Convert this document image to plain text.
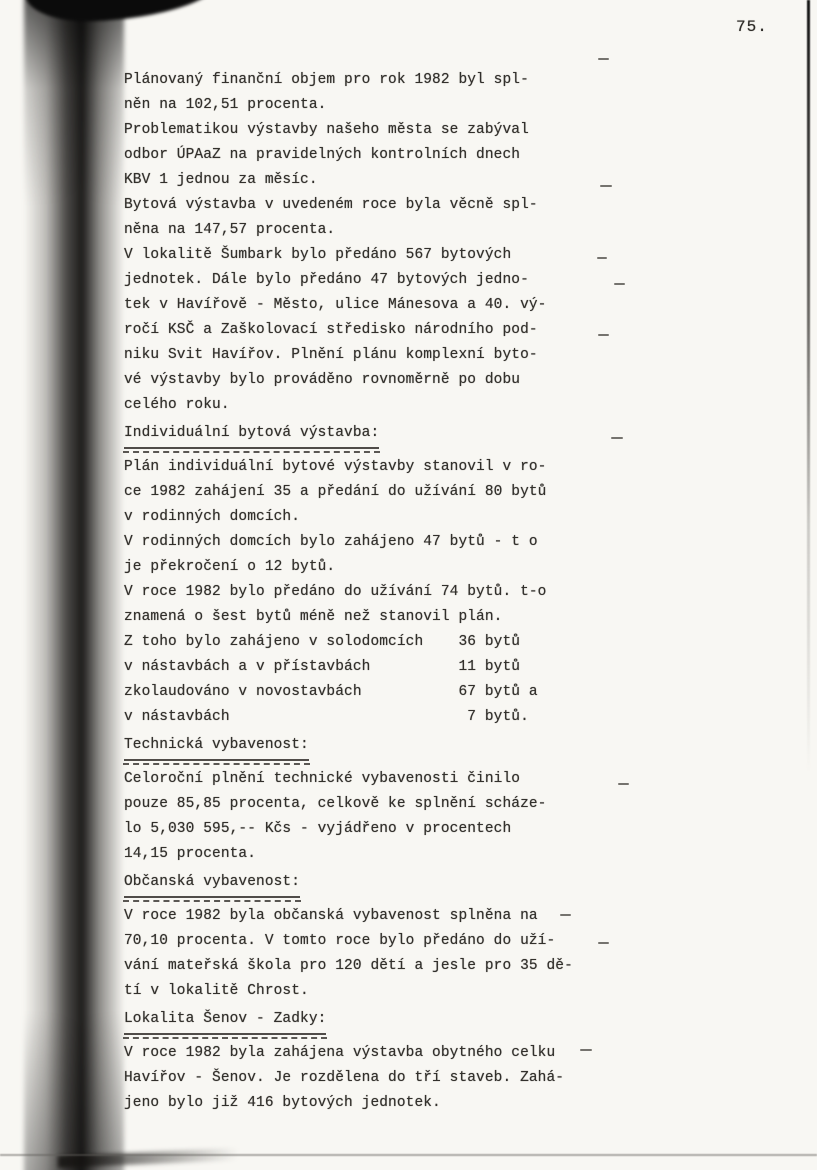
75.
Plánovaný finanční objem pro rok 1982 byl spl-
něn na 102,51 procenta.
Problematikou výstavby našeho města se zabýval
odbor ÚPAaZ na pravidelných kontrolních dnech
KBV 1 jednou za měsíc.
Bytová výstavba v uvedeném roce byla věcně spl-
něna na 147,57 procenta.
V lokalitě Šumbark bylo předáno 567 bytových
jednotek. Dále bylo předáno 47 bytových jedno-
tek v Havířově - Město, ulice Mánesova a 40. vý-
ročí KSČ a Zaškolovací středisko národního pod-
niku Svit Havířov. Plnění plánu komplexní byto-
vé výstavby bylo prováděno rovnoměrně po dobu
celého roku.
Individuální bytová výstavba:
Plán individuální bytové výstavby stanovil v ro-
ce 1982 zahájení 35 a předání do užívání 80 bytů
v rodinných domcích.
V rodinných domcích bylo zahájeno 47 bytů - t o
je překročení o 12 bytů.
V roce 1982 bylo předáno do užívání 74 bytů. t-o
znamená o šest bytů méně než stanovil plán.
Z toho bylo zahájeno v solodomcích    36 bytů
v nástavbách a v přístavbách          11 bytů
zkolaudováno v novostavbách           67 bytů a
v nástavbách                           7 bytů.
Technická vybavenost:
Celoroční plnění technické vybavenosti činilo
pouze 85,85 procenta, celkově ke splnění scháze-
lo 5,030 595,-- Kčs - vyjádřeno v procentech
14,15 procenta.
Občanská vybavenost:
V roce 1982 byla občanská vybavenost splněna na
70,10 procenta. V tomto roce bylo předáno do uží-
vání mateřská škola pro 120 dětí a jesle pro 35 dě-
tí v lokalitě Chrost.
Lokalita Šenov - Zadky:
V roce 1982 byla zahájena výstavba obytného celku
Havířov - Šenov. Je rozdělena do tří staveb. Zahá-
jeno bylo již 416 bytových jednotek.
